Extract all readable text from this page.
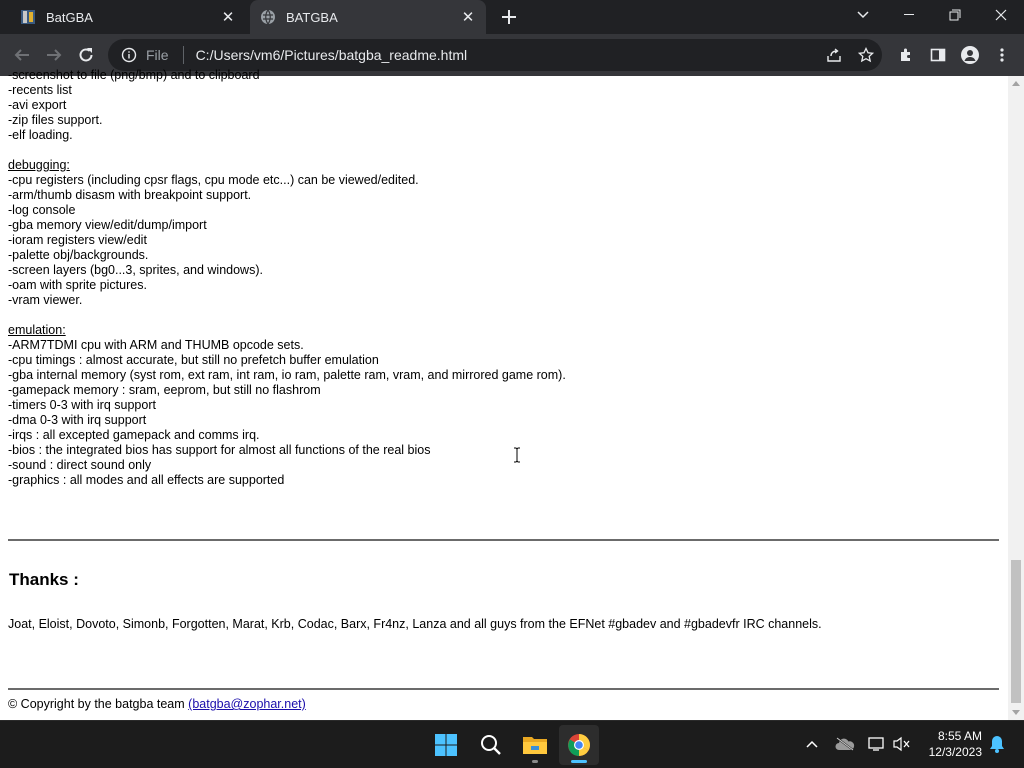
BatGBA	✕	BATGBA	✕
File C:/Users/vm6/Pictures/batgba_readme.html
-screenshot to file (png/bmp) and to clipboard
-recents list
-avi export
-zip files support.
-elf loading.
debugging:
-cpu registers (including cpsr flags, cpu mode etc...) can be viewed/edited.
-arm/thumb disasm with breakpoint support.
-log console
-gba memory view/edit/dump/import
-ioram registers view/edit
-palette obj/backgrounds.
-screen layers (bg0...3, sprites, and windows).
-oam with sprite pictures.
-vram viewer.
emulation:
-ARM7TDMI cpu with ARM and THUMB opcode sets.
-cpu timings : almost accurate, but still no prefetch buffer emulation
-gba internal memory (syst rom, ext ram, int ram, io ram, palette ram, vram, and mirrored game rom).
-gamepack memory : sram, eeprom, but still no flashrom
-timers 0-3 with irq support
-dma 0-3 with irq support
-irqs : all excepted gamepack and comms irq.
-bios : the integrated bios has support for almost all functions of the real bios
-sound : direct sound only
-graphics : all modes and all effects are supported
Thanks :
Joat, Eloist, Dovoto, Simonb, Forgotten, Marat, Krb, Codac, Barx, Fr4nz, Lanza and all guys from the EFNet #gbadev and #gbadevfr IRC channels.
© Copyright by the batgba team (batgba@zophar.net)
8:55 AM
12/3/2023
